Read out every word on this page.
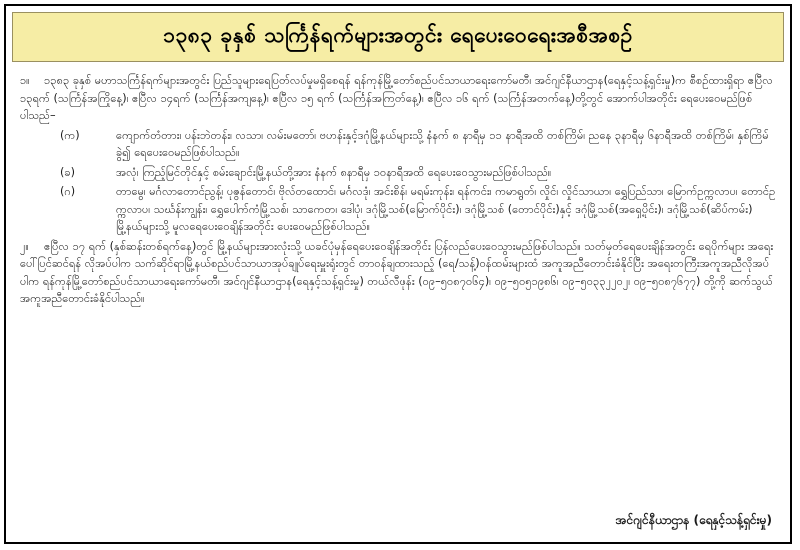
၁၃၈၃ ခုနှစ် သင်္ကြန်ရက်များအတွင်း ရေပေးဝေရေးအစီအစဉ်

၁။	၁၃၈၃ ခုနှစ် မဟာသင်္ကြန်ရက်များအတွင်း ပြည်သူများရေပြတ်လပ်မှုမရှိစေရန် ရန်ကုန်မြို့တော်စည်ပင်သာယာရေးကော်မတီ၊ အင်ဂျင်နီယာဌာန(ရေနှင့်သန့်ရှင်းမှု)က စီစဉ်ထားရှိရာ ဧပြီလ ၁၃ရက် (သင်္ကြန်အကြိုနေ့)၊ ဧပြီလ ၁၄ရက် (သင်္ကြန်အကျနေ့)၊ ဧပြီလ ၁၅ ရက် (သင်္ကြန်အကြတ်နေ့)၊ ဧပြီလ ၁၆ ရက် (သင်္ကြန်အတက်နေ့)တို့တွင် အောက်ပါအတိုင်း ရေပေးဝေမည်ဖြစ်ပါသည်–

(က)	ကျောက်တံတား၊ ပန်းဘဲတန်း၊ လသာ၊ လမ်းမတော်၊ ဗဟန်းနှင့်ဒဂုံမြို့နယ်များသို့ နံနက် ၈ နာရီမှ ၁၁ နာရီအထိ တစ်ကြိမ်၊ ညနေ ၃နာရီမှ ၆နာရီအထိ တစ်ကြိမ်၊ နှစ်ကြိမ်ခွဲ၍ ရေပေးဝေမည်ဖြစ်ပါသည်။

(ခ)	အလုံ၊ ကြည့်မြင်တိုင်နှင့် စမ်းချောင်းမြို့နယ်တို့အား နံနက် ၈နာရီမှ ၁၀နာရီအထိ ရေပေးဝေသွားမည်ဖြစ်ပါသည်။

(ဂ)	တာမွေ၊ မင်္ဂလာတောင်ညွန့်၊ ပုဇွန်တောင်၊ ဗိုလ်တထောင်၊ မင်္ဂလဒုံ၊ အင်းစိန်၊ မရမ်းကုန်း၊ ရန်ကင်း၊ ကမာရွတ်၊ လှိုင်၊ လှိုင်သာယာ၊ ရွှေပြည်သာ၊ မြောက်ဥက္ကလာပ၊ တောင်ဥက္ကလာပ၊ သင်္ဃန်းကျွန်း၊ ရွှေပေါက်ကံမြို့သစ်၊ သာကေတ၊ ဒေါပုံ၊ ဒဂုံမြို့သစ်(မြောက်ပိုင်း)၊ ဒဂုံမြို့သစ် (တောင်ပိုင်း)နှင့် ဒဂုံမြို့သစ်(အရှေ့ပိုင်း)၊ ဒဂုံမြို့သစ်(ဆိပ်ကမ်း) မြို့နယ်များသို့ မူလရေပေးဝေချိန်အတိုင်း ပေးဝေမည်ဖြစ်ပါသည်။

၂။	ဧပြီလ ၁၇ ရက် (နှစ်ဆန်းတစ်ရက်နေ့)တွင် မြို့နယ်များအားလုံးသို့ ယခင်ပုံမှန်ရေပေးဝေချိန်အတိုင်း ပြန်လည်ပေးဝေသွားမည်ဖြစ်ပါသည်။ သတ်မှတ်ရေပေးချိန်အတွင်း ရေပိုက်များ အရေးပေါ်ပြင်ဆင်ရန် လိုအပ်ပါက သက်ဆိုင်ရာမြို့နယ်စည်ပင်သာယာအုပ်ချုပ်ရေးမှူးရုံးတွင် တာဝန်ချထားသည့် (ရေ/သန့်)ဝန်ထမ်းများထံ အကူအညီတောင်းခံနိုင်ပြီး အရေးတကြီးအကူအညီလိုအပ်ပါက ရန်ကုန်မြို့တော်စည်ပင်သာယာရေးကော်မတီ၊ အင်ဂျင်နီယာဌာန(ရေနှင့်သန့်ရှင်းမှု) တယ်လီဖုန်း (၀၉–၅၀၈၇၀၆၄)၊ ၀၉–၅၀၅၁၉၈၆၊ ၀၉–၅၀၃၃၂၂၀၂၊ ၀၉–၅၀၈၇၆၇၇) တို့ကို ဆက်သွယ်အကူအညီတောင်းခံနိုင်ပါသည်။

အင်ဂျင်နီယာဌာန (ရေနှင့်သန့်ရှင်းမှု)
